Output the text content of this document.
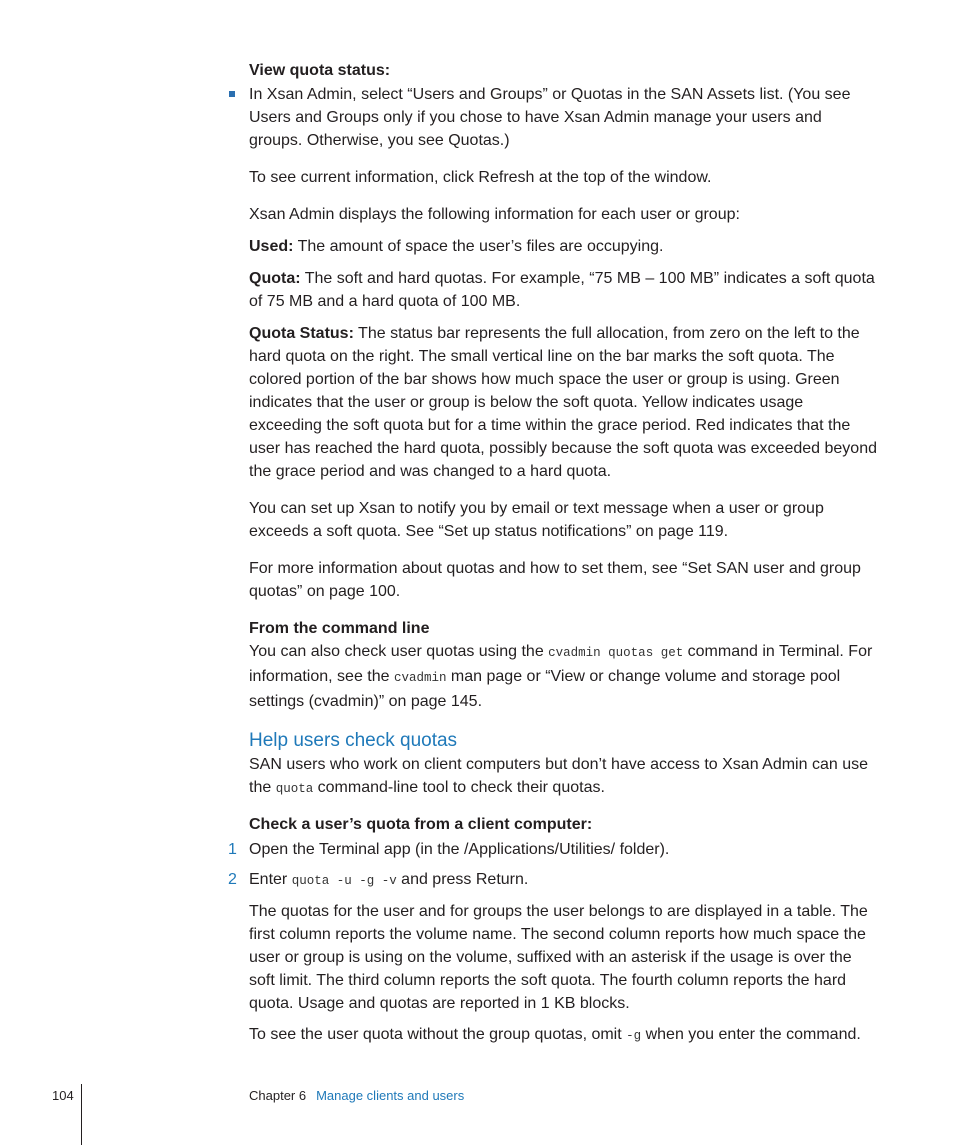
View quota status:
In Xsan Admin, select “Users and Groups” or Quotas in the SAN Assets list. (You see Users and Groups only if you chose to have Xsan Admin manage your users and groups. Otherwise, you see Quotas.)
To see current information, click Refresh at the top of the window.
Xsan Admin displays the following information for each user or group:
Used: The amount of space the user’s files are occupying.
Quota: The soft and hard quotas. For example, “75 MB – 100 MB” indicates a soft quota of 75 MB and a hard quota of 100 MB.
Quota Status: The status bar represents the full allocation, from zero on the left to the hard quota on the right. The small vertical line on the bar marks the soft quota. The colored portion of the bar shows how much space the user or group is using. Green indicates that the user or group is below the soft quota. Yellow indicates usage exceeding the soft quota but for a time within the grace period. Red indicates that the user has reached the hard quota, possibly because the soft quota was exceeded beyond the grace period and was changed to a hard quota.
You can set up Xsan to notify you by email or text message when a user or group exceeds a soft quota. See “Set up status notifications” on page 119.
For more information about quotas and how to set them, see “Set SAN user and group quotas” on page 100.
From the command line
You can also check user quotas using the cvadmin quotas get command in Terminal. For information, see the cvadmin man page or “View or change volume and storage pool settings (cvadmin)” on page 145.
Help users check quotas
SAN users who work on client computers but don’t have access to Xsan Admin can use the quota command-line tool to check their quotas.
Check a user’s quota from a client computer:
1 Open the Terminal app (in the /Applications/Utilities/ folder).
2 Enter quota -u -g -v and press Return.
The quotas for the user and for groups the user belongs to are displayed in a table. The first column reports the volume name. The second column reports how much space the user or group is using on the volume, suffixed with an asterisk if the usage is over the soft limit. The third column reports the soft quota. The fourth column reports the hard quota. Usage and quotas are reported in 1 KB blocks.
To see the user quota without the group quotas, omit -g when you enter the command.
104	Chapter 6 Manage clients and users
